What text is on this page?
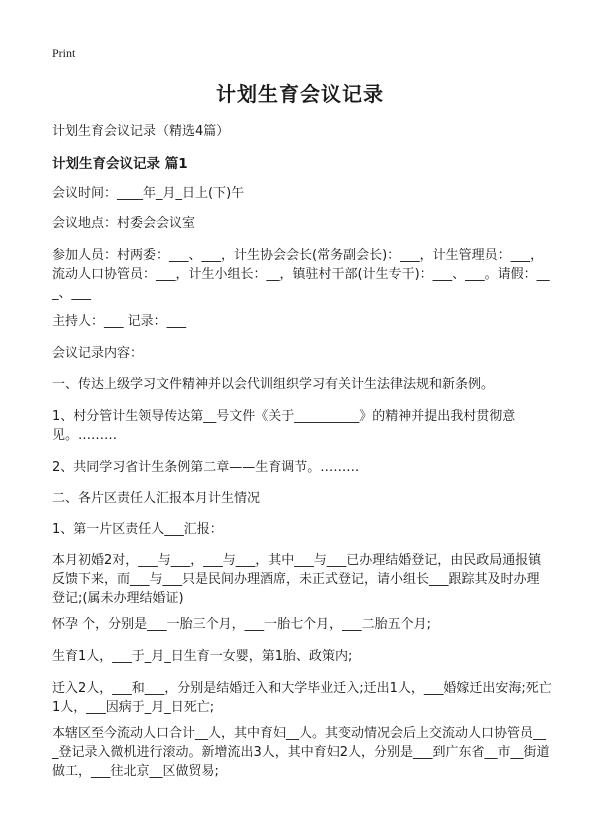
Print
计划生育会议记录
计划生育会议记录（精选4篇）
计划生育会议记录 篇1
会议时间：____年_月_日上(下)午
会议地点：村委会会议室
参加人员：村两委：___、___，计生协会会长(常务副会长)：___，计生管理员：___，流动人口协管员：___，计生小组长：__，镇驻村干部(计生专干)：___、___。请假：___、___
主持人：___ 记录：___
会议记录内容：
一、传达上级学习文件精神并以会代训组织学习有关计生法律法规和新条例。
1、村分管计生领导传达第__号文件《关于__________》的精神并提出我村贯彻意见。………
2、共同学习省计生条例第二章——生育调节。………
二、各片区责任人汇报本月计生情况
1、第一片区责任人___汇报：
本月初婚2对，___与___，___与___，其中___与___已办理结婚登记，由民政局通报镇反馈下来，而___与___只是民间办理酒席，未正式登记，请小组长___跟踪其及时办理登记;(属未办理结婚证)
怀孕 个，分别是___一胎三个月，___一胎七个月，___二胎五个月;
生育1人，___于_月_日生育一女婴，第1胎、政策内;
迁入2人，___和___，分别是结婚迁入和大学毕业迁入;迁出1人，___婚嫁迁出安海;死亡1人，___因病于_月_日死亡;
本辖区至今流动人口合计__人，其中育妇__人。其变动情况会后上交流动人口协管员___登记录入微机进行滚动。新增流出3人，其中育妇2人，分别是___到广东省__市__街道做工，___往北京__区做贸易;
